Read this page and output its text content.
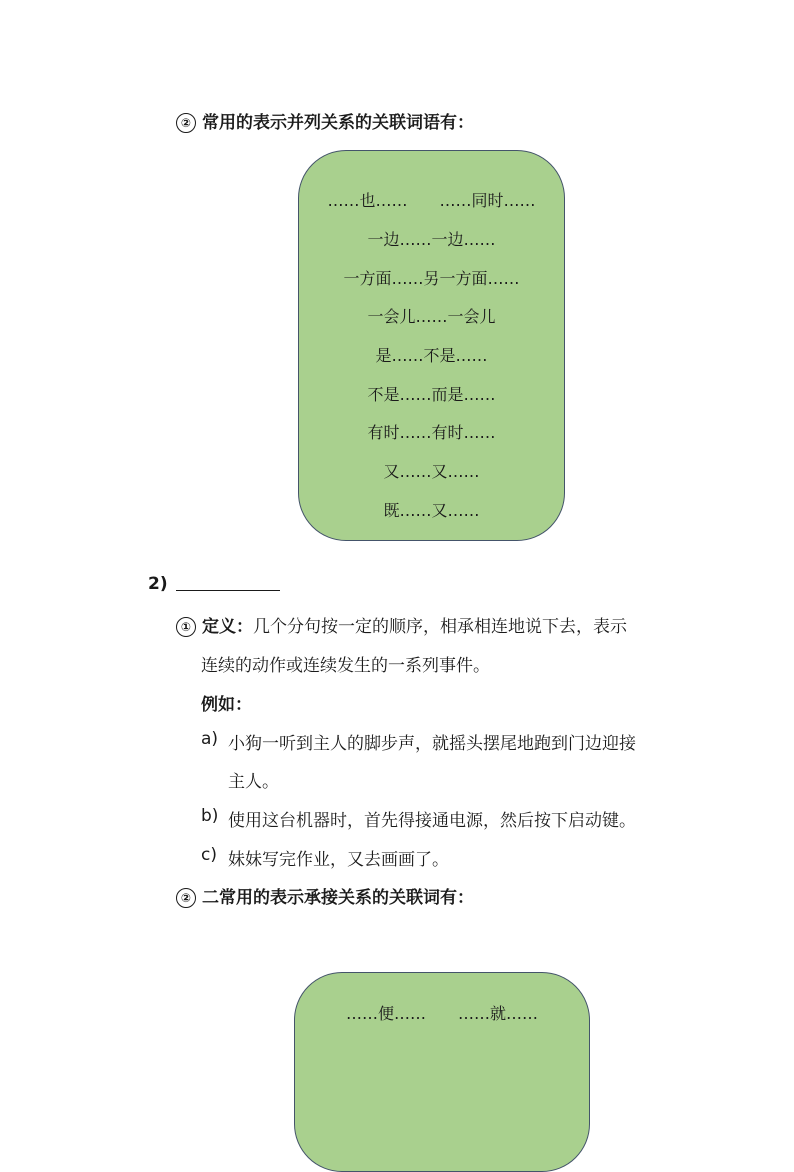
② 常用的表示并列关系的关联词语有：
……也……　　……同时……
一边……一边……
一方面……另一方面……
一会儿……一会儿
是……不是……
不是……而是……
有时……有时……
又……又……
既……又……
2)
① 定义：几个分句按一定的顺序，相承相连地说下去，表示
连续的动作或连续发生的一系列事件。
例如：
a) 小狗一听到主人的脚步声，就摇头摆尾地跑到门边迎接
主人。
b) 使用这台机器时，首先得接通电源，然后按下启动键。
c) 妹妹写完作业，又去画画了。
② 二常用的表示承接关系的关联词有：
……便……　　……就……
